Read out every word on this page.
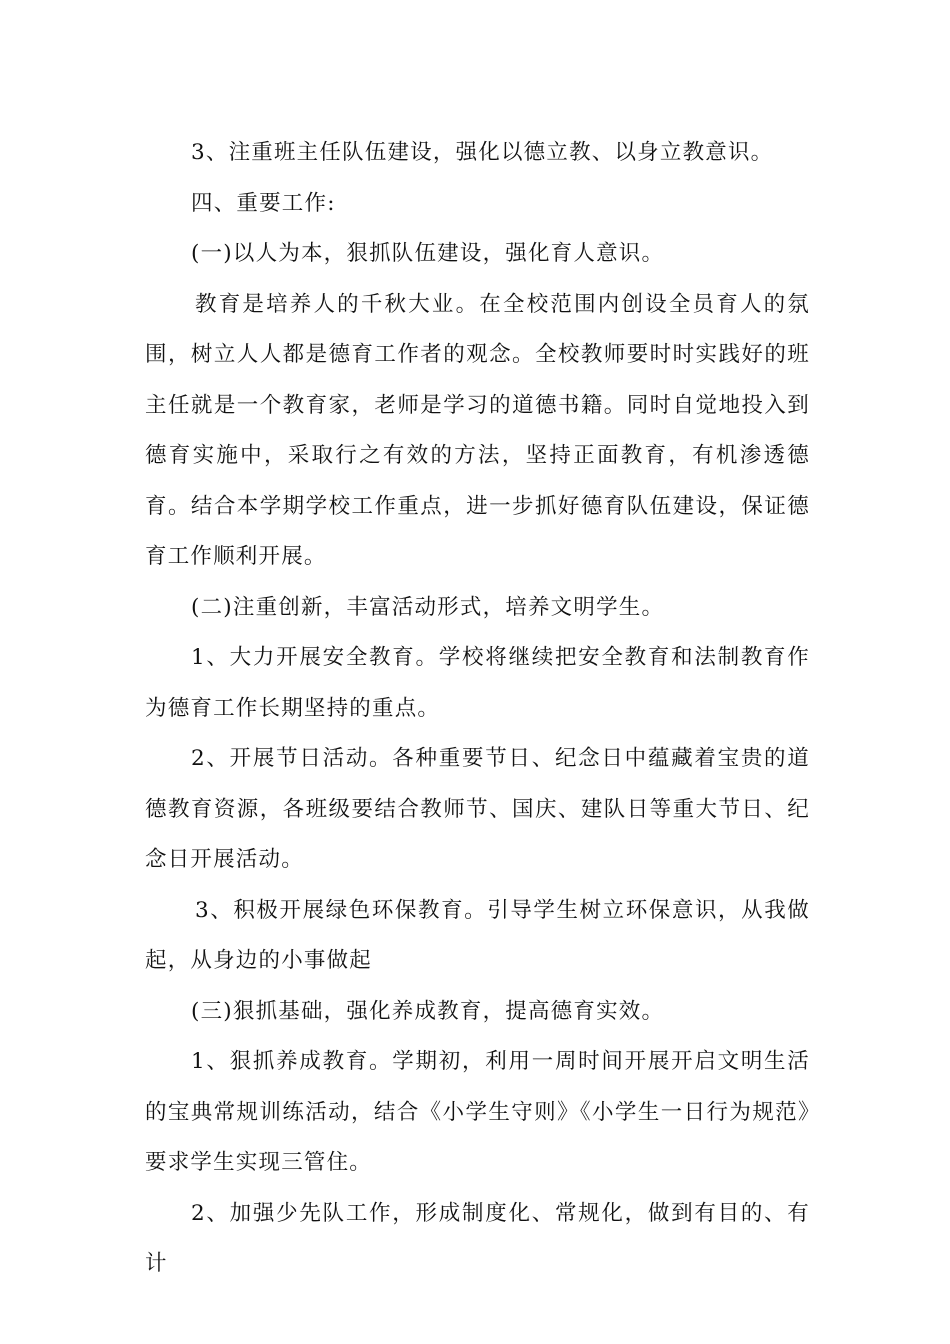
3、注重班主任队伍建设，强化以德立教、以身立教意识。

四、重要工作:

(一)以人为本，狠抓队伍建设，强化育人意识。

教育是培养人的千秋大业。在全校范围内创设全员育人的氛围，树立人人都是德育工作者的观念。全校教师要时时实践好的班主任就是一个教育家，老师是学习的道德书籍。同时自觉地投入到德育实施中，采取行之有效的方法，坚持正面教育，有机渗透德育。结合本学期学校工作重点，进一步抓好德育队伍建设，保证德育工作顺利开展。

(二)注重创新，丰富活动形式，培养文明学生。

1、大力开展安全教育。学校将继续把安全教育和法制教育作为德育工作长期坚持的重点。

2、开展节日活动。各种重要节日、纪念日中蕴藏着宝贵的道德教育资源，各班级要结合教师节、国庆、建队日等重大节日、纪念日开展活动。

3、积极开展绿色环保教育。引导学生树立环保意识，从我做起，从身边的小事做起

(三)狠抓基础，强化养成教育，提高德育实效。

1、狠抓养成教育。学期初，利用一周时间开展开启文明生活的宝典常规训练活动，结合《小学生守则》《小学生一日行为规范》要求学生实现三管住。

2、加强少先队工作，形成制度化、常规化，做到有目的、有计
